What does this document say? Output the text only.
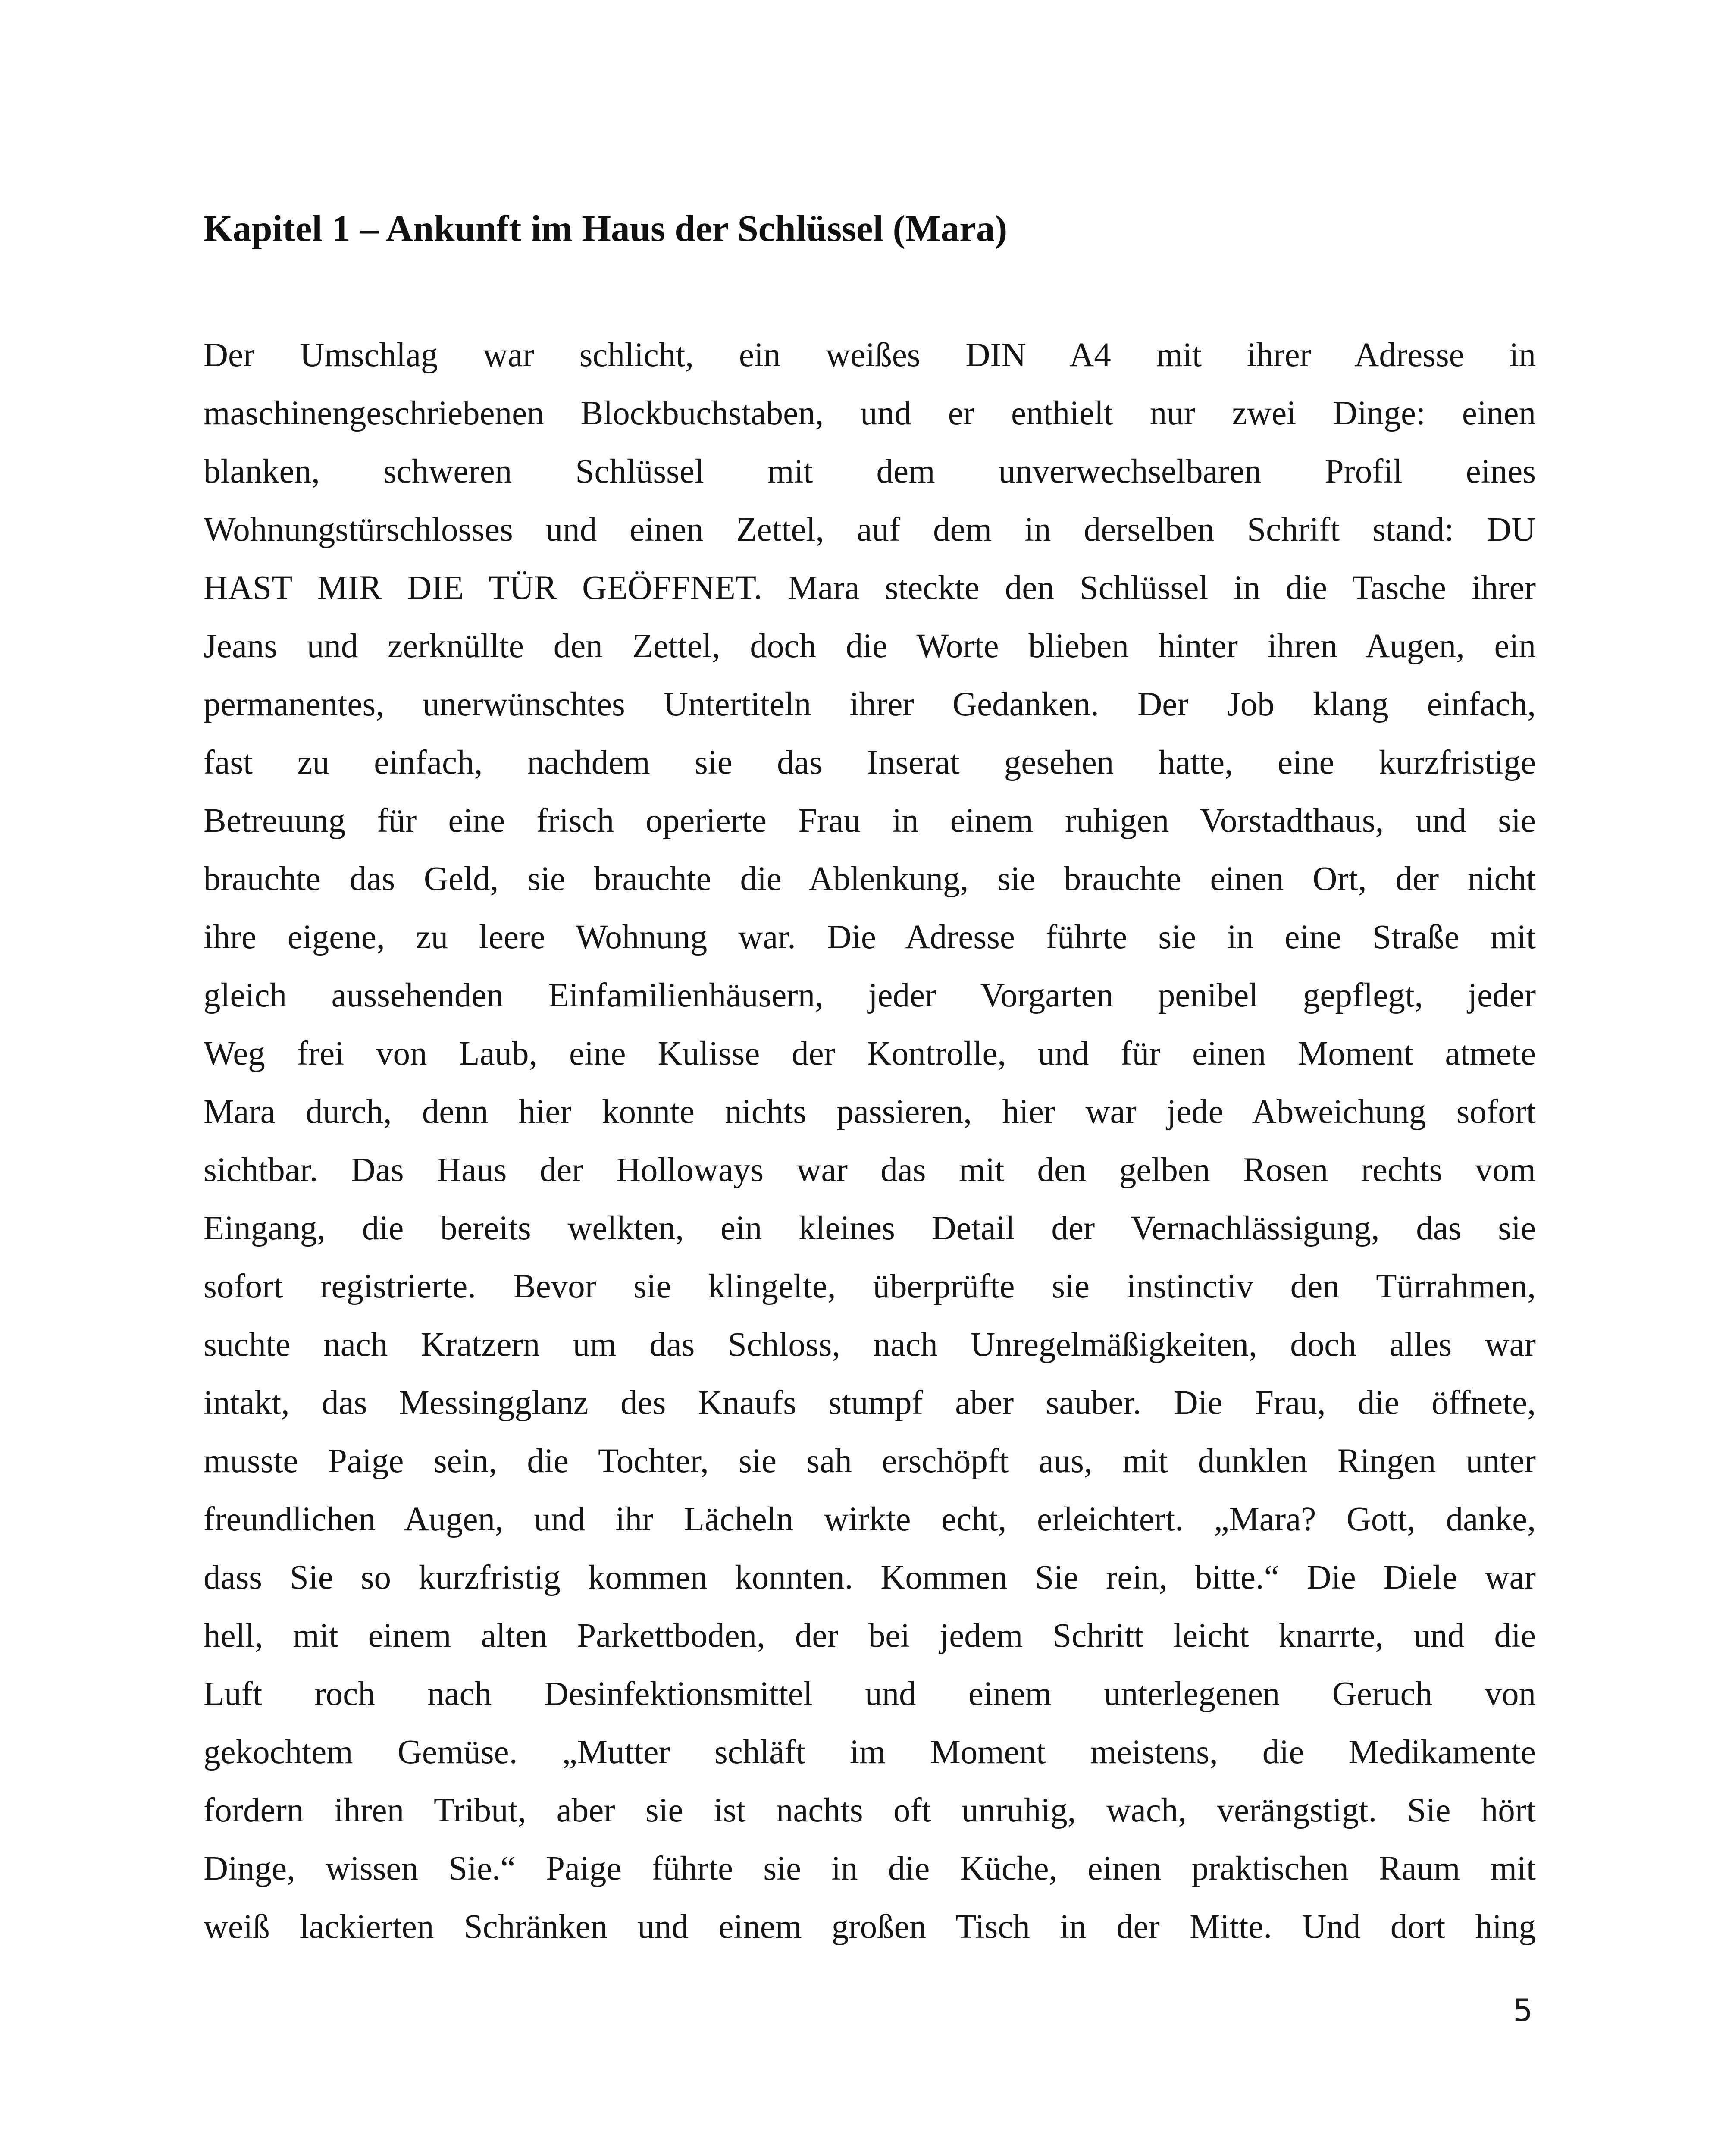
Kapitel 1 – Ankunft im Haus der Schlüssel (Mara)
Der Umschlag war schlicht, ein weißes DIN A4 mit ihrer Adresse in
maschinengeschriebenen Blockbuchstaben, und er enthielt nur zwei Dinge: einen
blanken, schweren Schlüssel mit dem unverwechselbaren Profil eines
Wohnungstürschlosses und einen Zettel, auf dem in derselben Schrift stand: DU
HAST MIR DIE TÜR GEÖFFNET. Mara steckte den Schlüssel in die Tasche ihrer
Jeans und zerknüllte den Zettel, doch die Worte blieben hinter ihren Augen, ein
permanentes, unerwünschtes Untertiteln ihrer Gedanken. Der Job klang einfach,
fast zu einfach, nachdem sie das Inserat gesehen hatte, eine kurzfristige
Betreuung für eine frisch operierte Frau in einem ruhigen Vorstadthaus, und sie
brauchte das Geld, sie brauchte die Ablenkung, sie brauchte einen Ort, der nicht
ihre eigene, zu leere Wohnung war. Die Adresse führte sie in eine Straße mit
gleich aussehenden Einfamilienhäusern, jeder Vorgarten penibel gepflegt, jeder
Weg frei von Laub, eine Kulisse der Kontrolle, und für einen Moment atmete
Mara durch, denn hier konnte nichts passieren, hier war jede Abweichung sofort
sichtbar. Das Haus der Holloways war das mit den gelben Rosen rechts vom
Eingang, die bereits welkten, ein kleines Detail der Vernachlässigung, das sie
sofort registrierte. Bevor sie klingelte, überprüfte sie instinctiv den Türrahmen,
suchte nach Kratzern um das Schloss, nach Unregelmäßigkeiten, doch alles war
intakt, das Messingglanz des Knaufs stumpf aber sauber. Die Frau, die öffnete,
musste Paige sein, die Tochter, sie sah erschöpft aus, mit dunklen Ringen unter
freundlichen Augen, und ihr Lächeln wirkte echt, erleichtert. „Mara? Gott, danke,
dass Sie so kurzfristig kommen konnten. Kommen Sie rein, bitte.“ Die Diele war
hell, mit einem alten Parkettboden, der bei jedem Schritt leicht knarrte, und die
Luft roch nach Desinfektionsmittel und einem unterlegenen Geruch von
gekochtem Gemüse. „Mutter schläft im Moment meistens, die Medikamente
fordern ihren Tribut, aber sie ist nachts oft unruhig, wach, verängstigt. Sie hört
Dinge, wissen Sie.“ Paige führte sie in die Küche, einen praktischen Raum mit
weiß lackierten Schränken und einem großen Tisch in der Mitte. Und dort hing
5
